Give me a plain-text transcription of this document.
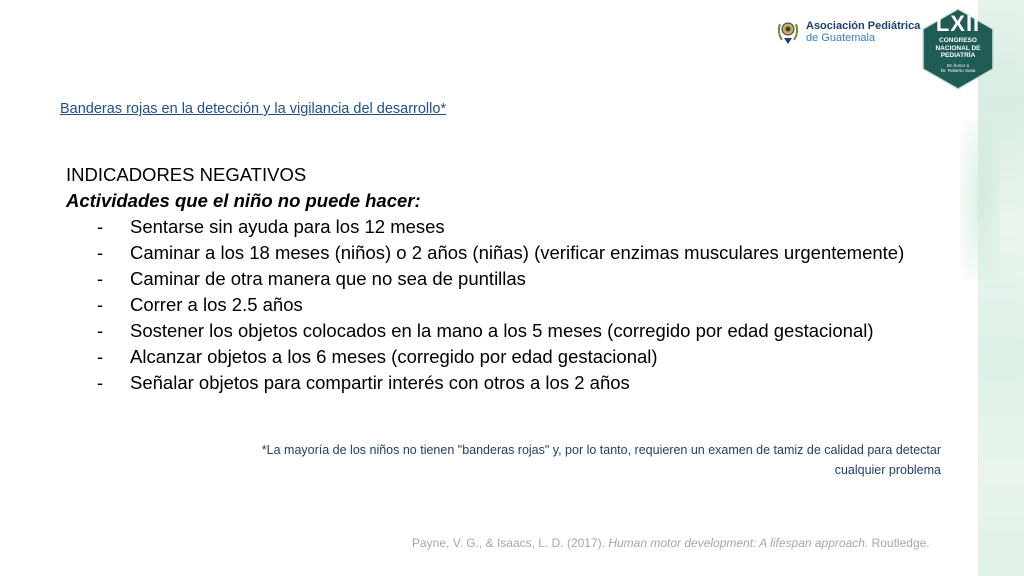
Asociación Pediátrica
de Guatemala
LXII
CONGRESO
NACIONAL DE
PEDIATRÍA
En honor a
Dr. Roberto Sosa
Banderas rojas en la detección y la vigilancia del desarrollo*

INDICADORES NEGATIVOS

Actividades que el niño no puede hacer:

- Sentarse sin ayuda para los 12 meses
- Caminar a los 18 meses (niños) o 2 años (niñas) (verificar enzimas musculares urgentemente)
- Caminar de otra manera que no sea de puntillas
- Correr a los 2.5 años
- Sostener los objetos colocados en la mano a los 5 meses (corregido por edad gestacional)
- Alcanzar objetos a los 6 meses (corregido por edad gestacional)
- Señalar objetos para compartir interés con otros a los 2 años
*La mayoría de los niños no tienen "banderas rojas" y, por lo tanto, requieren un examen de tamiz de calidad para detectar
cualquier problema
Payne, V. G., & Isaacs, L. D. (2017). Human motor development: A lifespan approach. Routledge.
